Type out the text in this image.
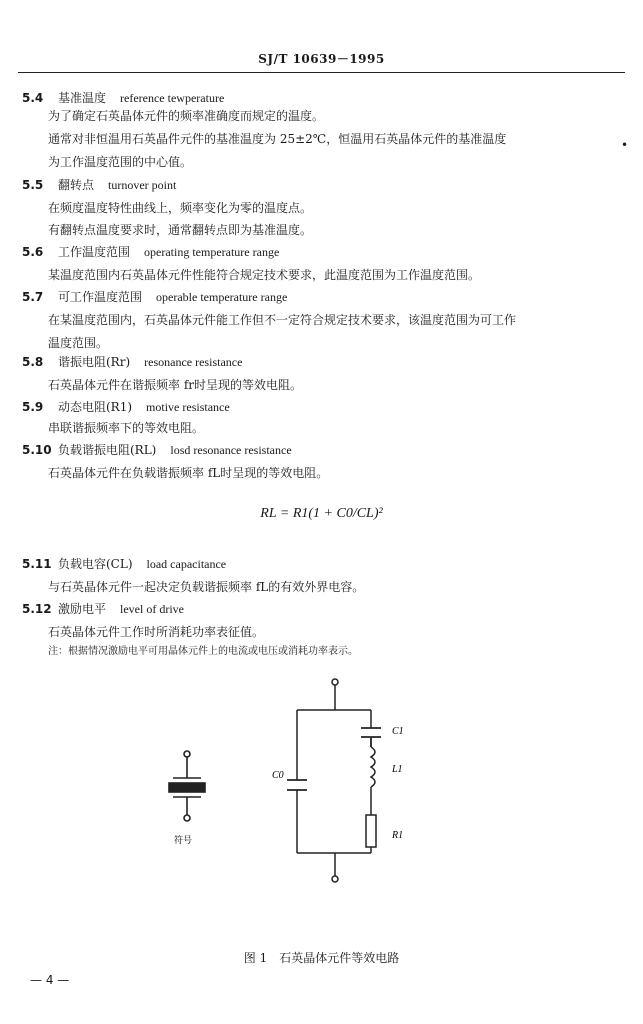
SJ/T 10639－1995
•
5.4 基准温度 reference tewperature
为了确定石英晶体元件的频率准确度而规定的温度。
通常对非恒温用石英晶件元件的基准温度为 25±2℃，恒温用石英晶体元件的基准温度
为工作温度范围的中心值。
5.5 翻转点 turnover point
在频度温度特性曲线上，频率变化为零的温度点。
有翻转点温度要求时，通常翻转点即为基准温度。
5.6 工作温度范围 operating temperature range
某温度范围内石英晶体元件性能符合规定技术要求，此温度范围为工作温度范围。
5.7 可工作温度范围 operable temperature range
在某温度范围内，石英晶体元件能工作但不一定符合规定技术要求，该温度范围为可工作
温度范围。
5.8 谐振电阻(Rr) resonance resistance
石英晶体元件在谐振频率 fr时呈现的等效电阻。
5.9 动态电阻(R1) motive resistance
串联谐振频率下的等效电阻。
5.10 负载谐振电阻(RL) losd resonance resistance
石英晶体元件在负载谐振频率 fL时呈现的等效电阻。
5.11 负载电容(CL) load capacitance
与石英晶体元件一起决定负载谐振频率 fL的有效外界电容。
5.12 激励电平 level of drive
石英晶体元件工作时所消耗功率表征值。
RL = R1(1 + C0/CL)²
注：根据情况激励电平可用晶体元件上的电流或电压或消耗功率表示。
符号
C0
C1
L1
R1
图 1 石英晶体元件等效电路
— 4 —
